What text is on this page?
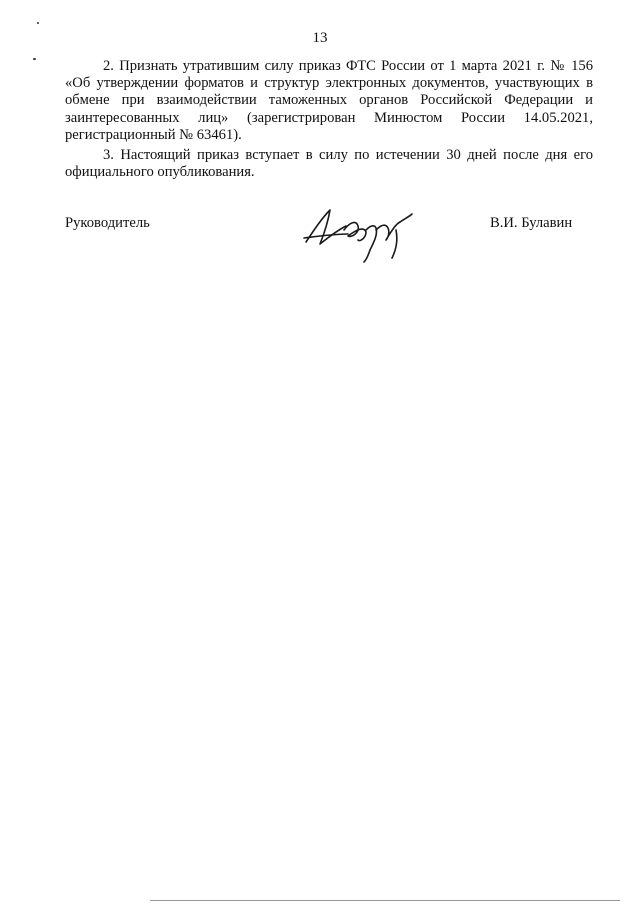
13

2. Признать утратившим силу приказ ФТС России от 1 марта 2021 г. № 156 «Об утверждении форматов и структур электронных документов, участвующих в обмене при взаимодействии таможенных органов Российской Федерации и заинтересованных лиц» (зарегистрирован Минюстом России 14.05.2021, регистрационный № 63461).

3. Настоящий приказ вступает в силу по истечении 30 дней после дня его официального опубликования.

Руководитель	В.И. Булавин
